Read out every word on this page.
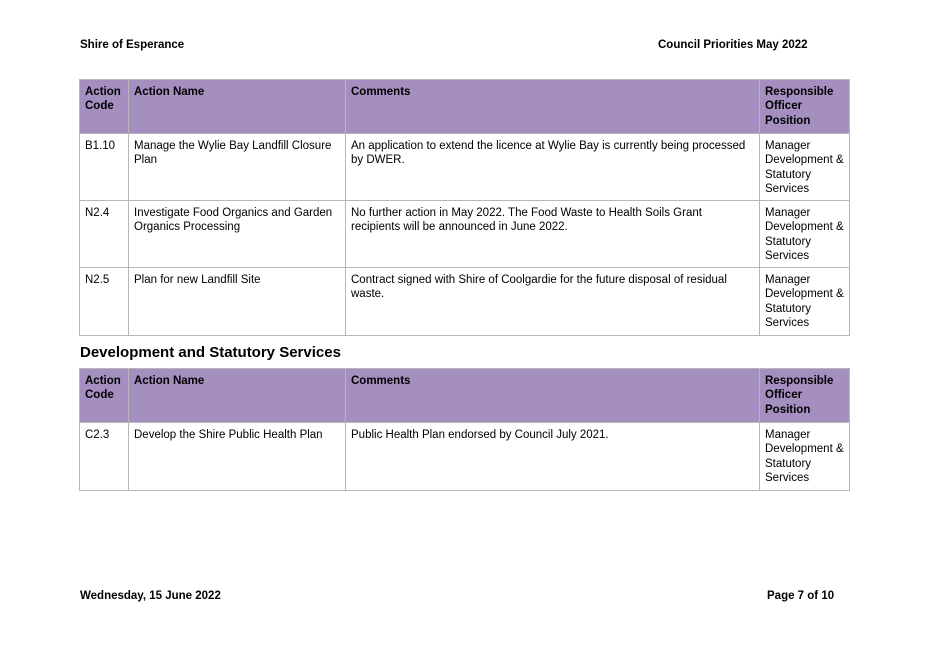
Shire of Esperance	Council Priorities May 2022
Action Code	Action Name	Comments	Responsible Officer Position
B1.10	Manage the Wylie Bay Landfill Closure Plan	An application to extend the licence at Wylie Bay is currently being processed by DWER.	Manager Development & Statutory Services
N2.4	Investigate Food Organics and Garden Organics Processing	No further action in May 2022. The Food Waste to Health Soils Grant recipients will be announced in June 2022.	Manager Development & Statutory Services
N2.5	Plan for new Landfill Site	Contract signed with Shire of Coolgardie for the future disposal of residual waste.	Manager Development & Statutory Services
Development and Statutory Services
Action Code	Action Name	Comments	Responsible Officer Position
C2.3	Develop the Shire Public Health Plan	Public Health Plan endorsed by Council July 2021.	Manager Development & Statutory Services
Wednesday, 15 June 2022	Page 7 of 10
